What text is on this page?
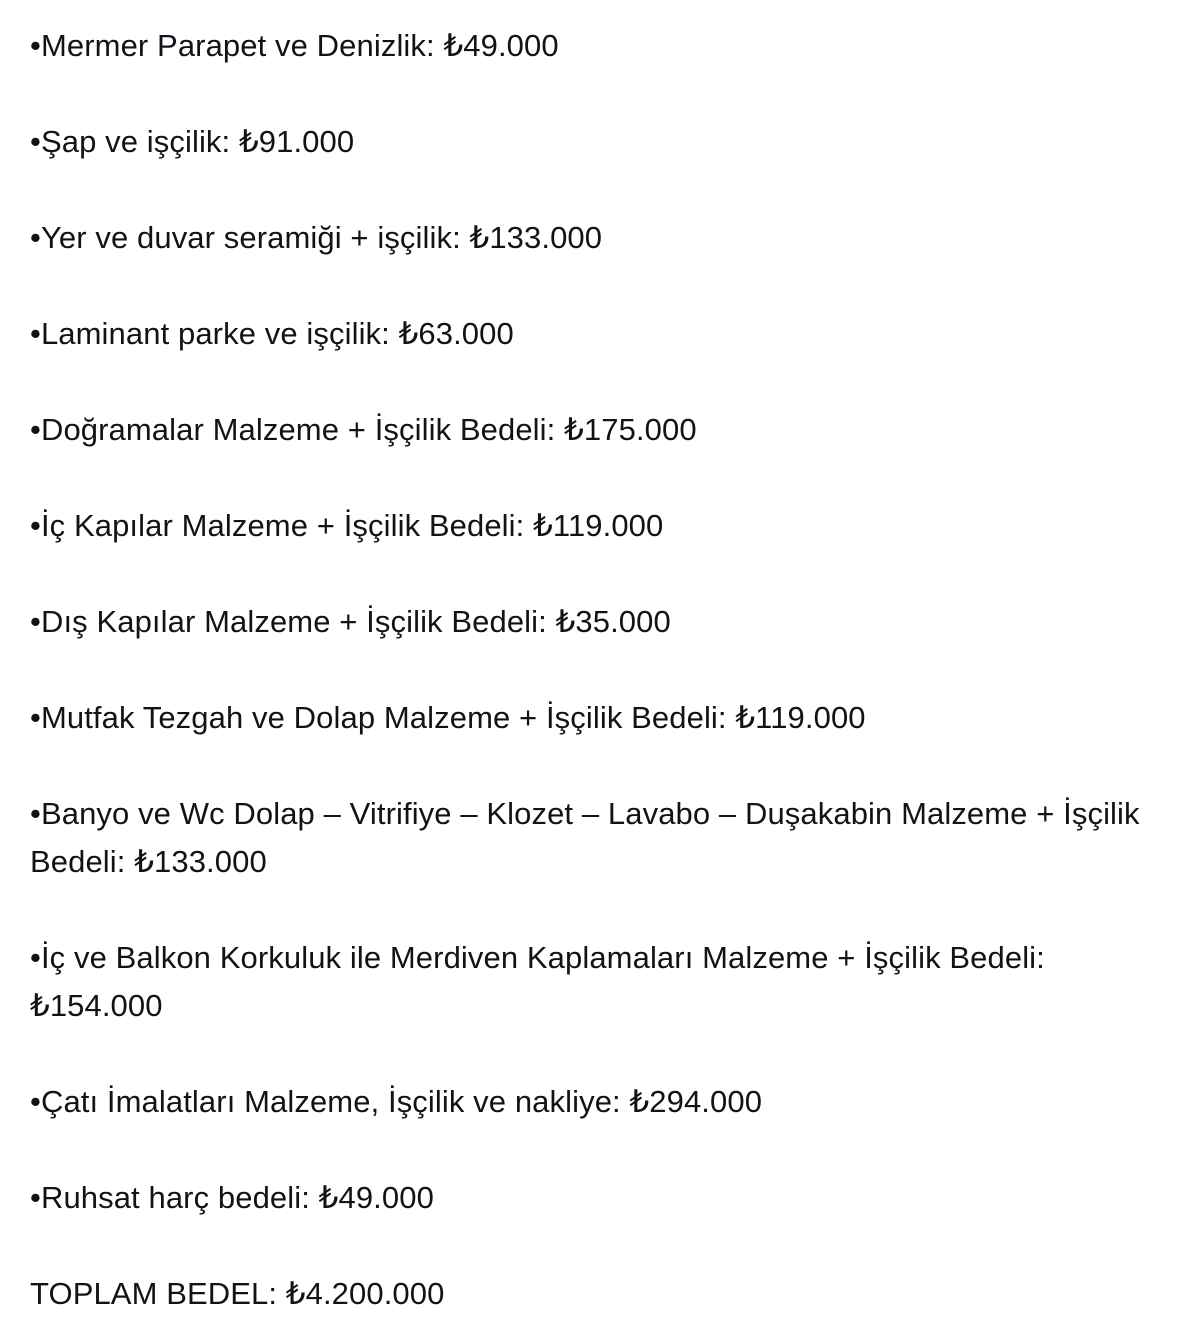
•Mermer Parapet ve Denizlik: ₺49.000

•Şap ve işçilik: ₺91.000

•Yer ve duvar seramiği + işçilik: ₺133.000

•Laminant parke ve işçilik: ₺63.000

•Doğramalar Malzeme + İşçilik Bedeli: ₺175.000

•İç Kapılar Malzeme + İşçilik Bedeli: ₺119.000

•Dış Kapılar Malzeme + İşçilik Bedeli: ₺35.000

•Mutfak Tezgah ve Dolap Malzeme + İşçilik Bedeli: ₺119.000

•Banyo ve Wc Dolap – Vitrifiye – Klozet – Lavabo – Duşakabin Malzeme + İşçilik Bedeli: ₺133.000

•İç ve Balkon Korkuluk ile Merdiven Kaplamaları Malzeme + İşçilik Bedeli: ₺154.000

•Çatı İmalatları Malzeme, İşçilik ve nakliye: ₺294.000

•Ruhsat harç bedeli: ₺49.000

TOPLAM BEDEL: ₺4.200.000
